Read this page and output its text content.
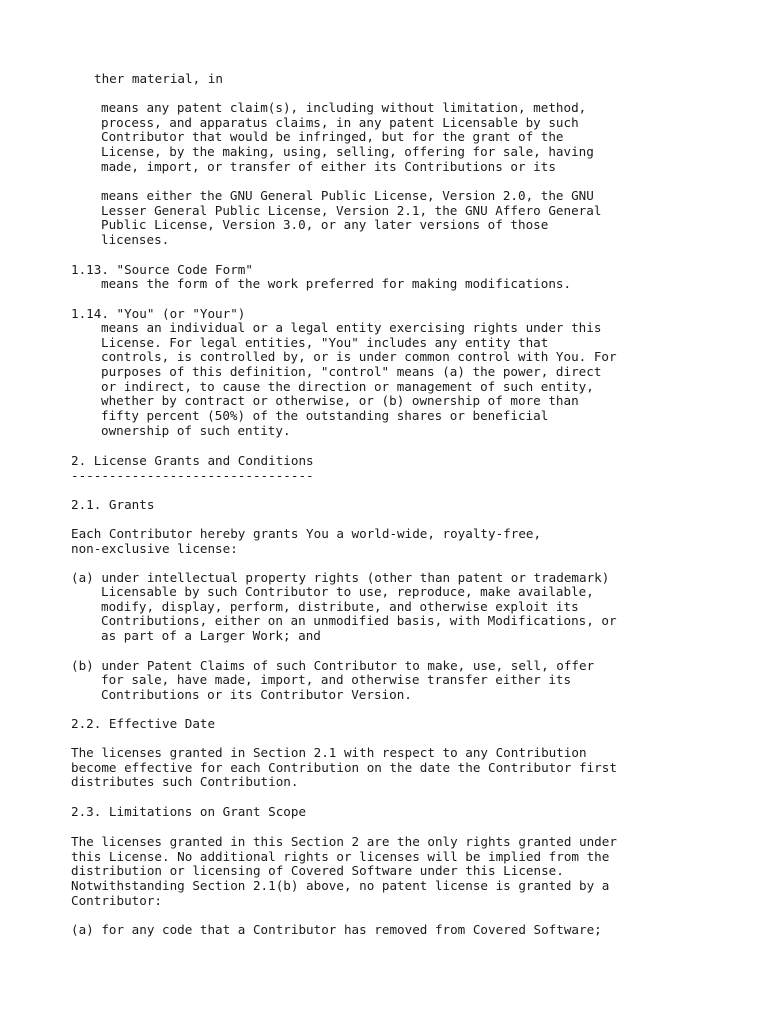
ther material, in
means any patent claim(s), including without limitation, method,
process, and apparatus claims, in any patent Licensable by such
Contributor that would be infringed, but for the grant of the
License, by the making, using, selling, offering for sale, having
made, import, or transfer of either its Contributions or its
means either the GNU General Public License, Version 2.0, the GNU
Lesser General Public License, Version 2.1, the GNU Affero General
Public License, Version 3.0, or any later versions of those
licenses.
1.13. "Source Code Form"
means the form of the work preferred for making modifications.
1.14. "You" (or "Your")
means an individual or a legal entity exercising rights under this
License. For legal entities, "You" includes any entity that
controls, is controlled by, or is under common control with You. For
purposes of this definition, "control" means (a) the power, direct
or indirect, to cause the direction or management of such entity,
whether by contract or otherwise, or (b) ownership of more than
fifty percent (50%) of the outstanding shares or beneficial
ownership of such entity.
2. License Grants and Conditions
--------------------------------
2.1. Grants
Each Contributor hereby grants You a world-wide, royalty-free,
non-exclusive license:
(a) under intellectual property rights (other than patent or trademark)
Licensable by such Contributor to use, reproduce, make available,
modify, display, perform, distribute, and otherwise exploit its
Contributions, either on an unmodified basis, with Modifications, or
as part of a Larger Work; and
(b) under Patent Claims of such Contributor to make, use, sell, offer
for sale, have made, import, and otherwise transfer either its
Contributions or its Contributor Version.
2.2. Effective Date
The licenses granted in Section 2.1 with respect to any Contribution
become effective for each Contribution on the date the Contributor first
distributes such Contribution.
2.3. Limitations on Grant Scope
The licenses granted in this Section 2 are the only rights granted under
this License. No additional rights or licenses will be implied from the
distribution or licensing of Covered Software under this License.
Notwithstanding Section 2.1(b) above, no patent license is granted by a
Contributor:
(a) for any code that a Contributor has removed from Covered Software;
